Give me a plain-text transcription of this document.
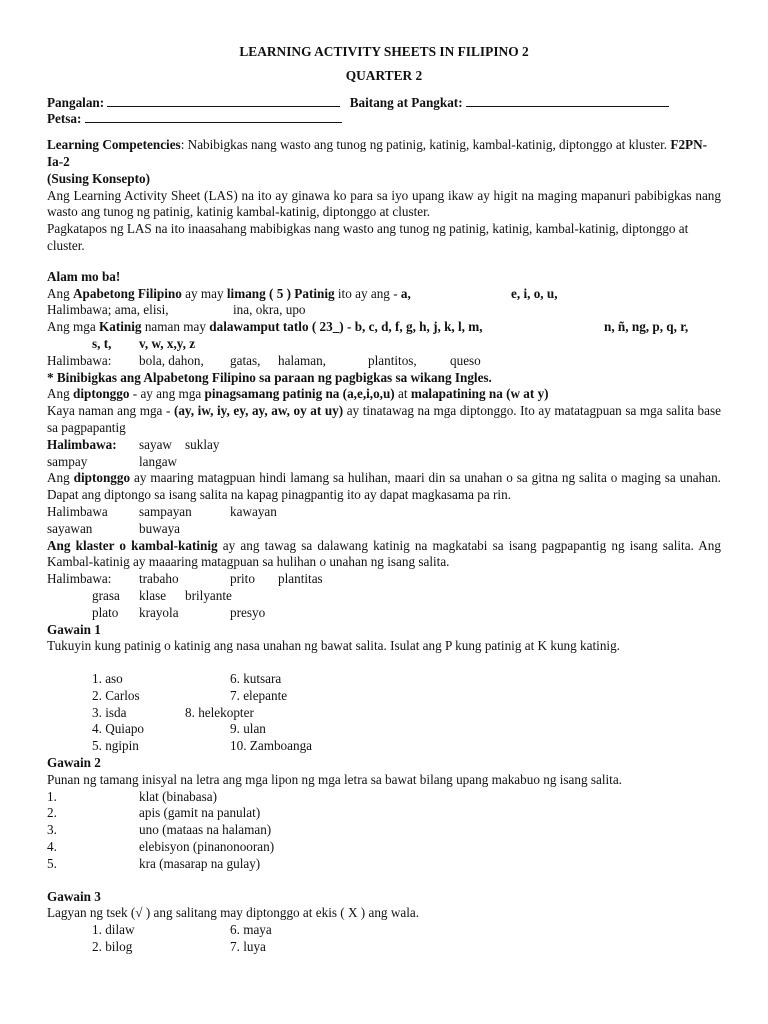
LEARNING ACTIVITY SHEETS IN FILIPINO 2
QUARTER 2
Pangalan:	Baitang at Pangkat:
Petsa:
Learning Competencies: Nabibigkas nang wasto ang tunog ng patinig, katinig, kambal-katinig, diptonggo at kluster. F2PN-Ia-2
(Susing Konsepto)
Ang Learning Activity Sheet (LAS) na ito ay ginawa ko para sa iyo upang ikaw ay higit na maging mapanuri pabibigkas nang wasto ang tunog ng patinig, katinig kambal-katinig, diptonggo at cluster.
Pagkatapos ng LAS na ito inaasahang mabibigkas nang wasto ang tunog ng patinig, katinig, kambal-katinig, diptonggo at cluster.
Alam mo ba!
Ang Apabetong Filipino ay may limang ( 5 ) Patinig ito ay ang - a,	e, i, o, u,
Halimbawa; ama, elisi,	ina, okra, upo
Ang mga Katinig naman may dalawamput tatlo ( 23_) - b, c, d, f, g, h, j, k, l, m,	n, ñ, ng, p, q, r,
s, t, v, w, x,y, z
Halimbawa: bola, dahon, gatas, halaman,	plantitos,	queso
* Binibigkas ang Alpabetong Filipino sa paraan ng pagbigkas sa wikang Ingles.
Ang diptonggo - ay ang mga pinagsamang patinig na (a,e,i,o,u) at malapatining na (w at y)
Kaya naman ang mga - (ay, iw, iy, ey, ay, aw, oy at uy) ay tinatawag na mga diptonggo. Ito ay matatagpuan sa mga salita base sa pagpapantig
Halimbawa: sayaw suklay
sampay	langaw
Ang diptonggo ay maaring matagpuan hindi lamang sa hulihan, maari din sa unahan o sa gitna ng salita o maging sa unahan. Dapat ang diptongo sa isang salita na kapag pinagpantig ito ay dapat magkasama pa rin.
Halimbawa sampayan	kawayan
sayawan	buwaya
Ang klaster o kambal-katinig ay ang tawag sa dalawang katinig na magkatabi sa isang pagpapantig ng isang salita. Ang Kambal-katinig ay maaaring matagpuan sa hulihan o unahan ng isang salita.
Halimbawa: trabaho	prito plantitas
grasa klase brilyante
plato krayola	presyo
Gawain 1
Tukuyin kung patinig o katinig ang nasa unahan ng bawat salita. Isulat ang P kung patinig at K kung katinig.
1. aso	6. kutsara
2. Carlos	7. elepante
3. isda	8. helekopter
4. Quiapo	9. ulan
5. ngipin	10. Zamboanga
Gawain 2
Punan ng tamang inisyal na letra ang mga lipon ng mga letra sa bawat bilang upang makabuo ng isang salita.
1.	klat (binabasa)
2.	apis (gamit na panulat)
3.	uno (mataas na halaman)
4.	elebisyon (pinanonooran)
5.	kra (masarap na gulay)
Gawain 3
Lagyan ng tsek (√ ) ang salitang may diptonggo at ekis ( X ) ang wala.
1. dilaw	6. maya
2. bilog	7. luya
